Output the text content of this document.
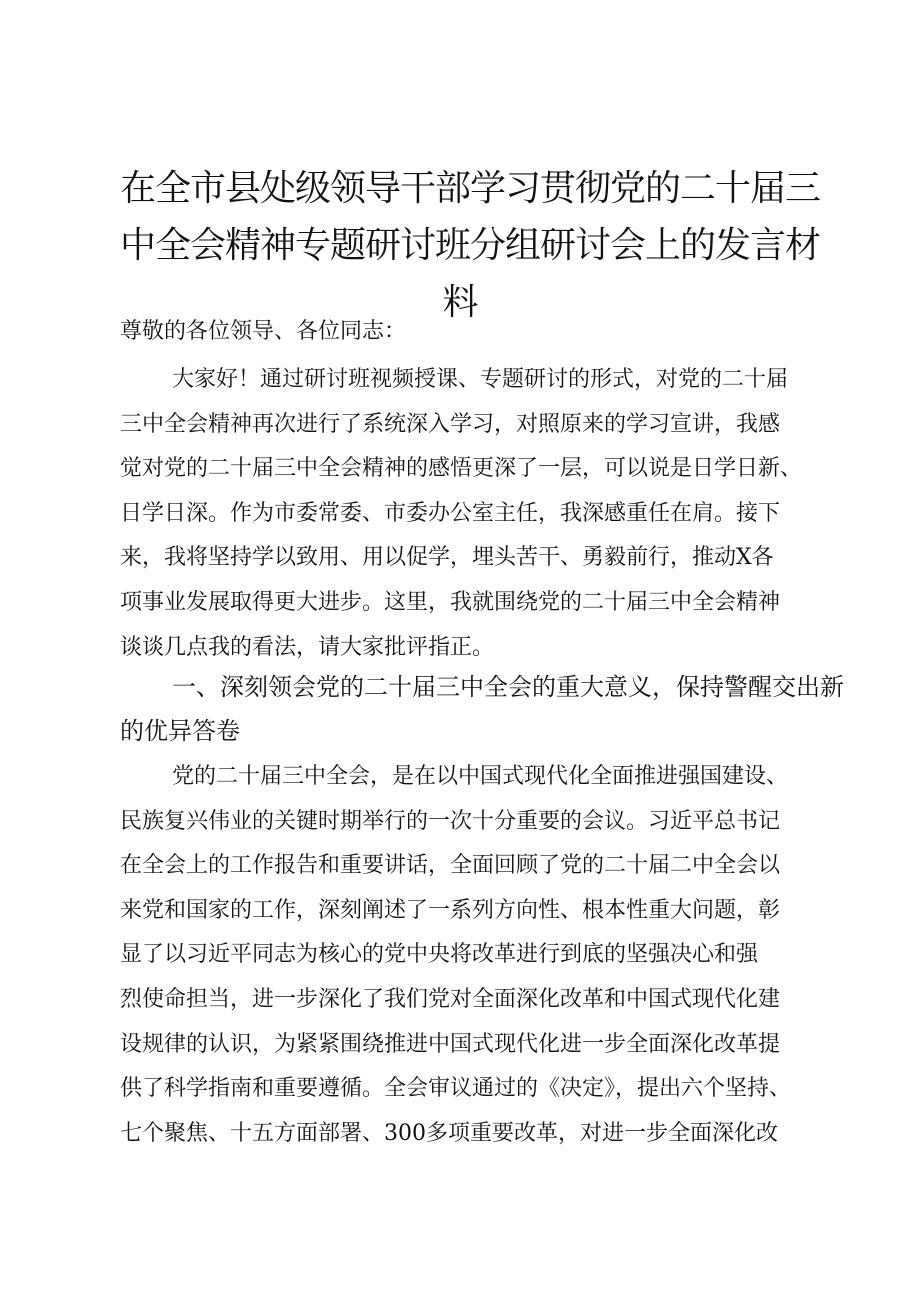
在全市县处级领导干部学习贯彻党的二十届三
中全会精神专题研讨班分组研讨会上的发言材
料

尊敬的各位领导、各位同志：

大家好！通过研讨班视频授课、专题研讨的形式，对党的二十届
三中全会精神再次进行了系统深入学习，对照原来的学习宣讲，我感
觉对党的二十届三中全会精神的感悟更深了一层，可以说是日学日新、
日学日深。作为市委常委、市委办公室主任，我深感重任在肩。接下
来，我将坚持学以致用、用以促学，埋头苦干、勇毅前行，推动X各
项事业发展取得更大进步。这里，我就围绕党的二十届三中全会精神
谈谈几点我的看法，请大家批评指正。
一、深刻领会党的二十届三中全会的重大意义，保持警醒交出新
的优异答卷
党的二十届三中全会，是在以中国式现代化全面推进强国建设、
民族复兴伟业的关键时期举行的一次十分重要的会议。习近平总书记
在全会上的工作报告和重要讲话，全面回顾了党的二十届二中全会以
来党和国家的工作，深刻阐述了一系列方向性、根本性重大问题，彰
显了以习近平同志为核心的党中央将改革进行到底的坚强决心和强
烈使命担当，进一步深化了我们党对全面深化改革和中国式现代化建
设规律的认识，为紧紧围绕推进中国式现代化进一步全面深化改革提
供了科学指南和重要遵循。全会审议通过的《决定》，提出六个坚持、
七个聚焦、十五方面部署、300多项重要改革，对进一步全面深化改
